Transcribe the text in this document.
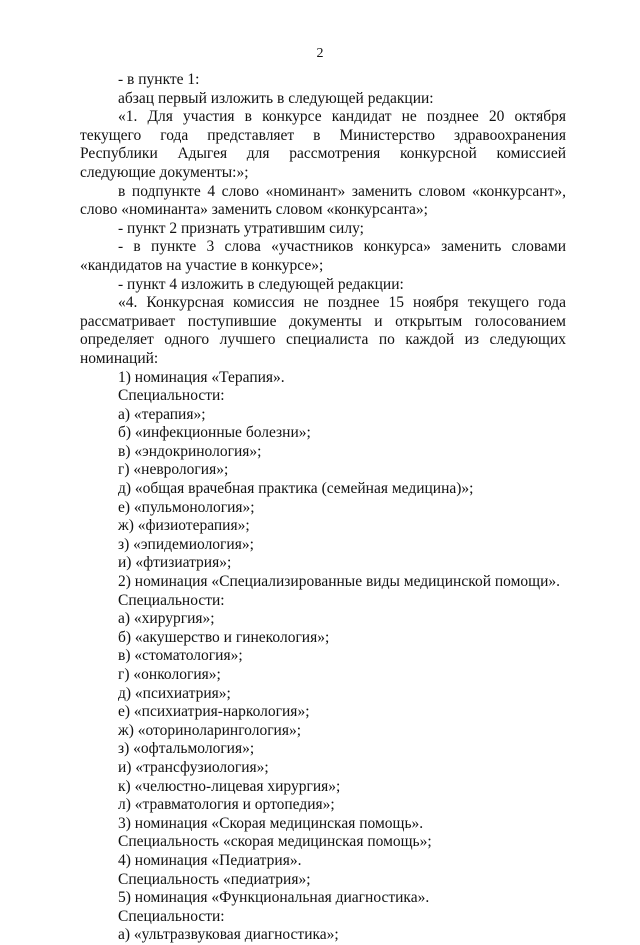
2

- в пункте 1:

абзац первый изложить в следующей редакции:

«1. Для участия в конкурсе кандидат не позднее 20 октября текущего года представляет в Министерство здравоохранения Республики Адыгея для рассмотрения конкурсной комиссией следующие документы:»;

в подпункте 4 слово «номинант» заменить словом «конкурсант», слово «номинанта» заменить словом «конкурсанта»;

- пункт 2 признать утратившим силу;

- в пункте 3 слова «участников конкурса» заменить словами «кандидатов на участие в конкурсе»;

- пункт 4 изложить в следующей редакции:

«4. Конкурсная комиссия не позднее 15 ноября текущего года рассматривает поступившие документы и открытым голосованием определяет одного лучшего специалиста по каждой из следующих номинаций:

1) номинация «Терапия».
Специальности:
а) «терапия»;
б) «инфекционные болезни»;
в) «эндокринология»;
г) «неврология»;
д) «общая врачебная практика (семейная медицина)»;
е) «пульмонология»;
ж) «физиотерапия»;
з) «эпидемиология»;
и) «фтизиатрия»;
2) номинация «Специализированные виды медицинской помощи».
Специальности:
а) «хирургия»;
б) «акушерство и гинекология»;
в) «стоматология»;
г) «онкология»;
д) «психиатрия»;
е) «психиатрия-наркология»;
ж) «оториноларингология»;
з) «офтальмология»;
и) «трансфузиология»;
к) «челюстно-лицевая хирургия»;
л) «травматология и ортопедия»;
3) номинация «Скорая медицинская помощь».
Специальность «скорая медицинская помощь»;
4) номинация «Педиатрия».
Специальность «педиатрия»;
5) номинация «Функциональная диагностика».
Специальности:
а) «ультразвуковая диагностика»;
